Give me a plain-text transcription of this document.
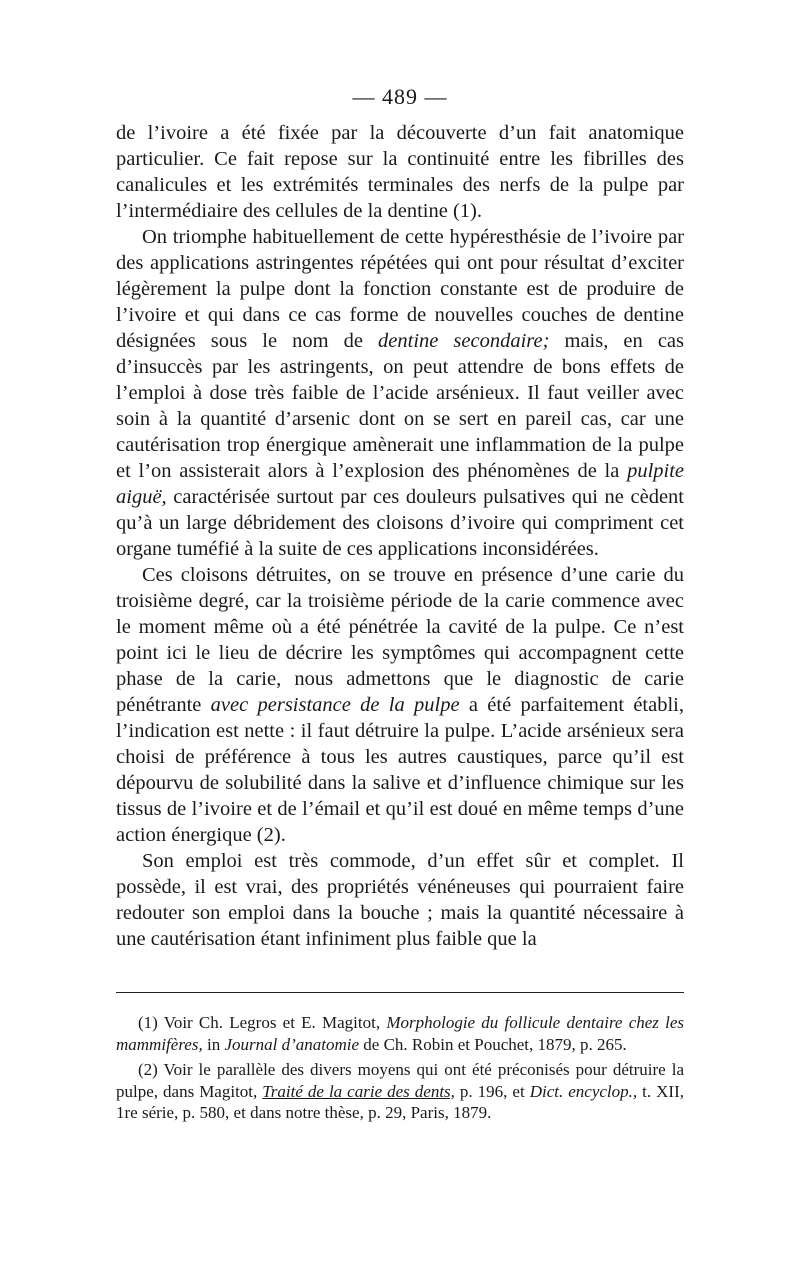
— 489 —

de l’ivoire a été fixée par la découverte d’un fait anatomique particulier. Ce fait repose sur la continuité entre les fibrilles des canalicules et les extrémités terminales des nerfs de la pulpe par l’intermédiaire des cellules de la dentine (1).

On triomphe habituellement de cette hypéresthésie de l’ivoire par des applications astringentes répétées qui ont pour résultat d’exciter légèrement la pulpe dont la fonction constante est de produire de l’ivoire et qui dans ce cas forme de nouvelles couches de dentine désignées sous le nom de dentine secondaire; mais, en cas d’insuccès par les astringents, on peut attendre de bons effets de l’emploi à dose très faible de l’acide arsénieux. Il faut veiller avec soin à la quantité d’arsenic dont on se sert en pareil cas, car une cautérisation trop énergique amènerait une inflammation de la pulpe et l’on assisterait alors à l’explosion des phénomènes de la pulpite aiguë, caractérisée surtout par ces douleurs pulsatives qui ne cèdent qu’à un large débridement des cloisons d’ivoire qui compriment cet organe tuméfié à la suite de ces applications inconsidérées.

Ces cloisons détruites, on se trouve en présence d’une carie du troisième degré, car la troisième période de la carie commence avec le moment même où a été pénétrée la cavité de la pulpe. Ce n’est point ici le lieu de décrire les symptômes qui accompagnent cette phase de la carie, nous admettons que le diagnostic de carie pénétrante avec persistance de la pulpe a été parfaitement établi, l’indication est nette : il faut détruire la pulpe. L’acide arsénieux sera choisi de préférence à tous les autres caustiques, parce qu’il est dépourvu de solubilité dans la salive et d’influence chimique sur les tissus de l’ivoire et de l’émail et qu’il est doué en même temps d’une action énergique (2).

Son emploi est très commode, d’un effet sûr et complet. Il possède, il est vrai, des propriétés vénéneuses qui pourraient faire redouter son emploi dans la bouche ; mais la quantité nécessaire à une cautérisation étant infiniment plus faible que la

(1) Voir Ch. Legros et E. Magitot, Morphologie du follicule dentaire chez les mammifères, in Journal d’anatomie de Ch. Robin et Pouchet, 1879, p. 265.

(2) Voir le parallèle des divers moyens qui ont été préconisés pour détruire la pulpe, dans Magitot, Traité de la carie des dents, p. 196, et Dict. encyclop., t. XII, 1re série, p. 580, et dans notre thèse, p. 29, Paris, 1879.
